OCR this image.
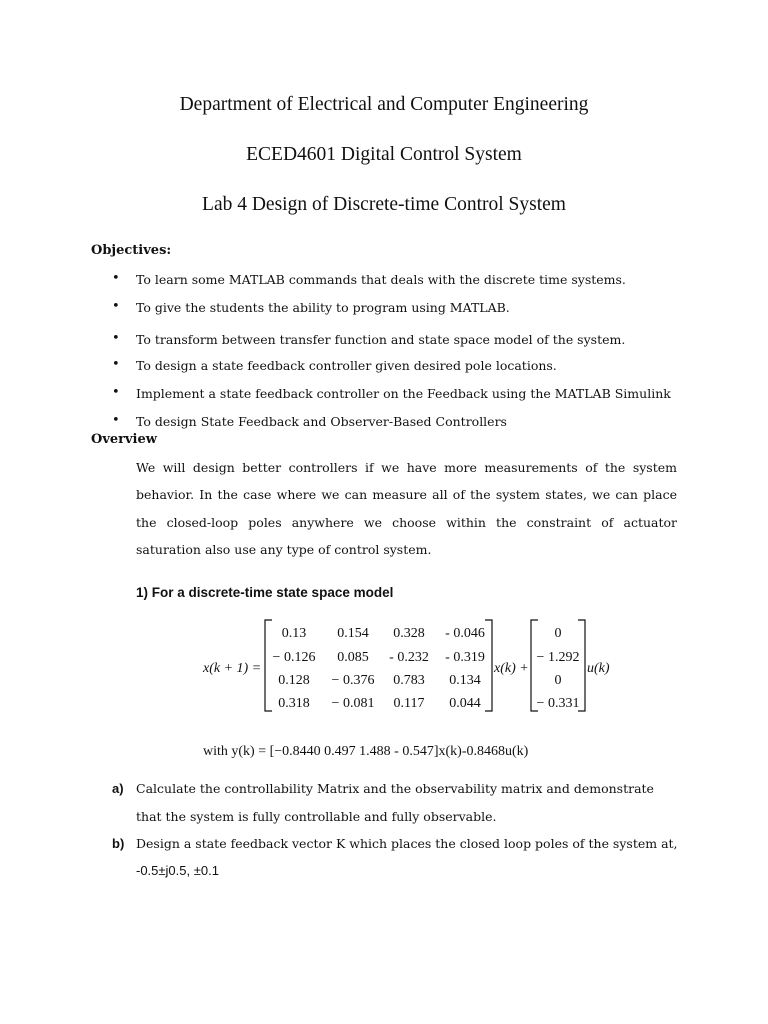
Department of Electrical and Computer Engineering
ECED4601 Digital Control System
Lab 4 Design of Discrete-time Control System
Objectives:
• To learn some MATLAB commands that deals with the discrete time systems.
• To give the students the ability to program using MATLAB.
• To transform between transfer function and state space model of the system.
• To design a state feedback controller given desired pole locations.
• Implement a state feedback controller on the Feedback using the MATLAB Simulink
• To design State Feedback and Observer-Based Controllers
Overview
We will design better controllers if we have more measurements of the system
behavior. In the case where we can measure all of the system states, we can place
the closed-loop poles anywhere we choose within the constraint of actuator
saturation also use any type of control system.
1) For a discrete-time state space model
x(k + 1) =
0.13 0.154 0.328 - 0.046
− 0.126 0.085 - 0.232 - 0.319
0.128 − 0.376 0.783 0.134
0.318 − 0.081 0.117 0.044
x(k) +
0
− 1.292
0
− 0.331
u(k)
with y(k) = [−0.8440 0.497 1.488 - 0.547]x(k)-0.8468u(k)
a) Calculate the controllability Matrix and the observability matrix and demonstrate
that the system is fully controllable and fully observable.
b) Design a state feedback vector K which places the closed loop poles of the system at,
-0.5±j0.5, ±0.1
